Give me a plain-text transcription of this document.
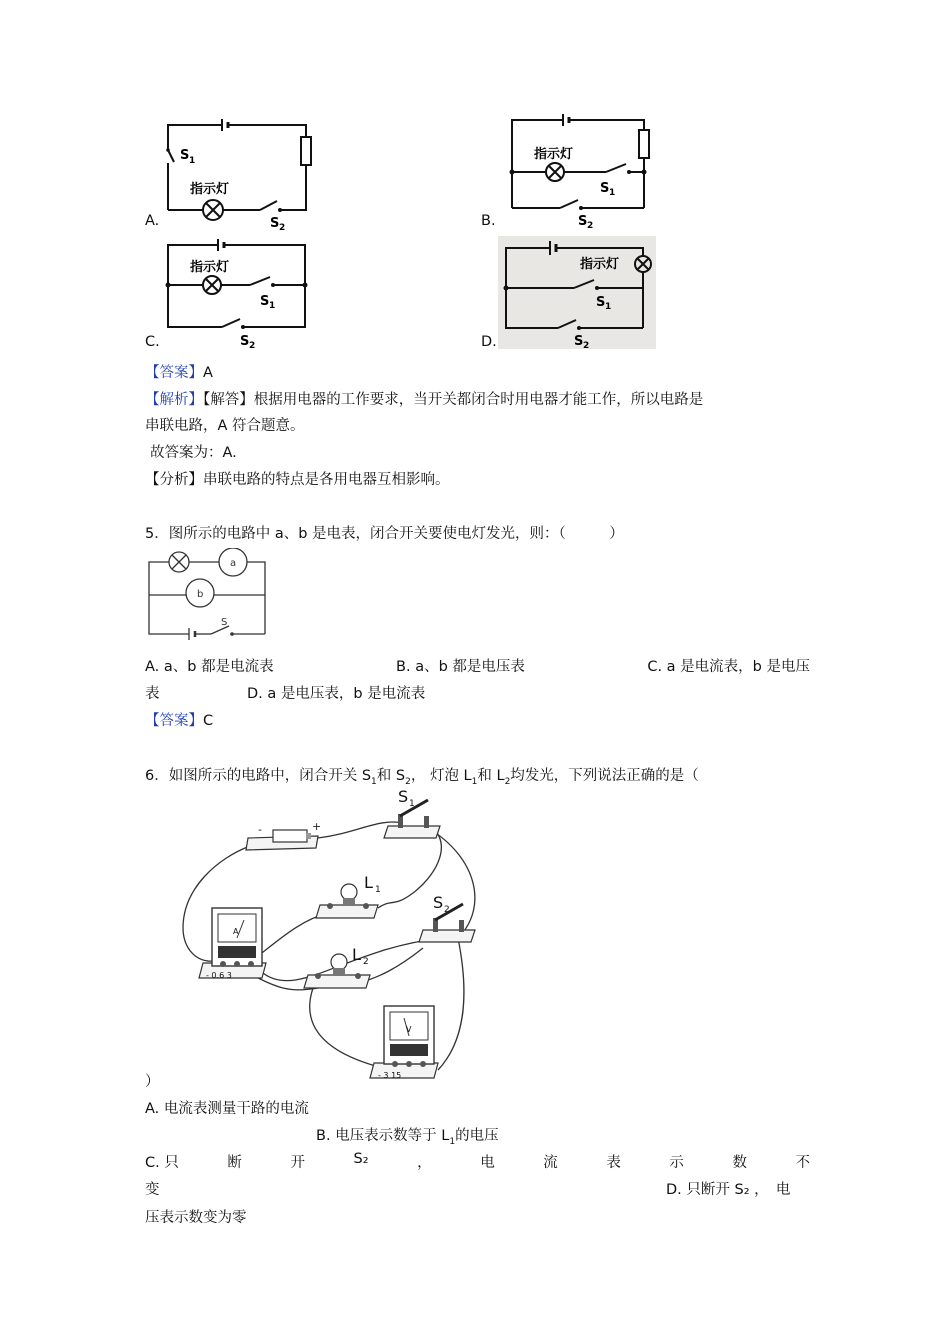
S 1
指示灯
S 2
A.
指示灯
S 1
S 2
B.
指示灯
S 1
S 2
C.
指示灯
S 1
S 2
D.
【答案】A
【解析】【解答】根据用电器的工作要求，当开关都闭合时用电器才能工作，所以电路是
串联电路，A 符合题意。
故答案为：A.
【分析】串联电路的特点是各用电器互相影响。
5．图所示的电路中 a、b 是电表，闭合开关要使电灯发光，则：（　　　）
a
b
S
A. a、b 都是电流表	B. a、b 都是电压表	C. a 是电流表，b 是电压
表	D. a 是电压表，b 是电流表
【答案】C
6．如图所示的电路中，闭合开关 $S_1$和 $S_2$， 灯泡 $L_1$和 $L_2$均发光，下列说法正确的是（
-	+
S 1
L 1
S 2
A
- 0.6 3
L 2
V
- 3 15
）
A. 电流表测量干路的电流
B. 电压表示数等于 $L_1$的电压
C. 只	断	开	S₂	，	电	流	表	示	数	不
变	D. 只断开 S₂ ，　电
压表示数变为零
